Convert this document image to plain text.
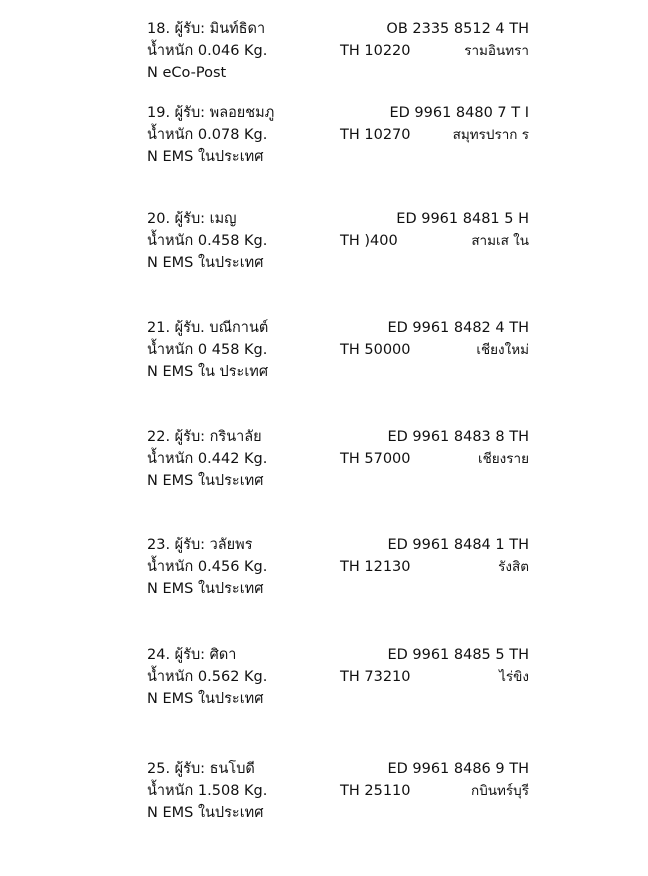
18. ผู้รับ: มินท์ธิดา	OB 2335 8512 4 TH
น้ำหนัก 0.046 Kg.	TH 10220	รามอินทรา
N eCo-Post
19. ผู้รับ: พลอยชมภู	ED 9961 8480 7 T I
น้ำหนัก 0.078 Kg.	TH 10270	สมุทรปราก ร
N EMS ในประเทศ
20. ผู้รับ: เมญ	ED 9961 8481 5 H
น้ำหนัก 0.458 Kg.	TH )400	สามเส ใน
N EMS ในประเทศ
21. ผู้รับ. บณีกานต์	ED 9961 8482 4 TH
น้ำหนัก 0 458 Kg.	TH 50000	เชียงใหม่
N EMS ใน ประเทศ
22. ผู้รับ: กรินาลัย	ED 9961 8483 8 TH
น้ำหนัก 0.442 Kg.	TH 57000	เชียงราย
N EMS ในประเทศ
23. ผู้รับ: วลัยพร	ED 9961 8484 1 TH
น้ำหนัก 0.456 Kg.	TH 12130	รังสิต
N EMS ในประเทศ
24. ผู้รับ: ศิดา	ED 9961 8485 5 TH
น้ำหนัก 0.562 Kg.	TH 73210	ไร่ขิง
N EMS ในประเทศ
25. ผู้รับ: ธนโบดี	ED 9961 8486 9 TH
น้ำหนัก 1.508 Kg.	TH 25110	กบินทร์บุรี
N EMS ในประเทศ
